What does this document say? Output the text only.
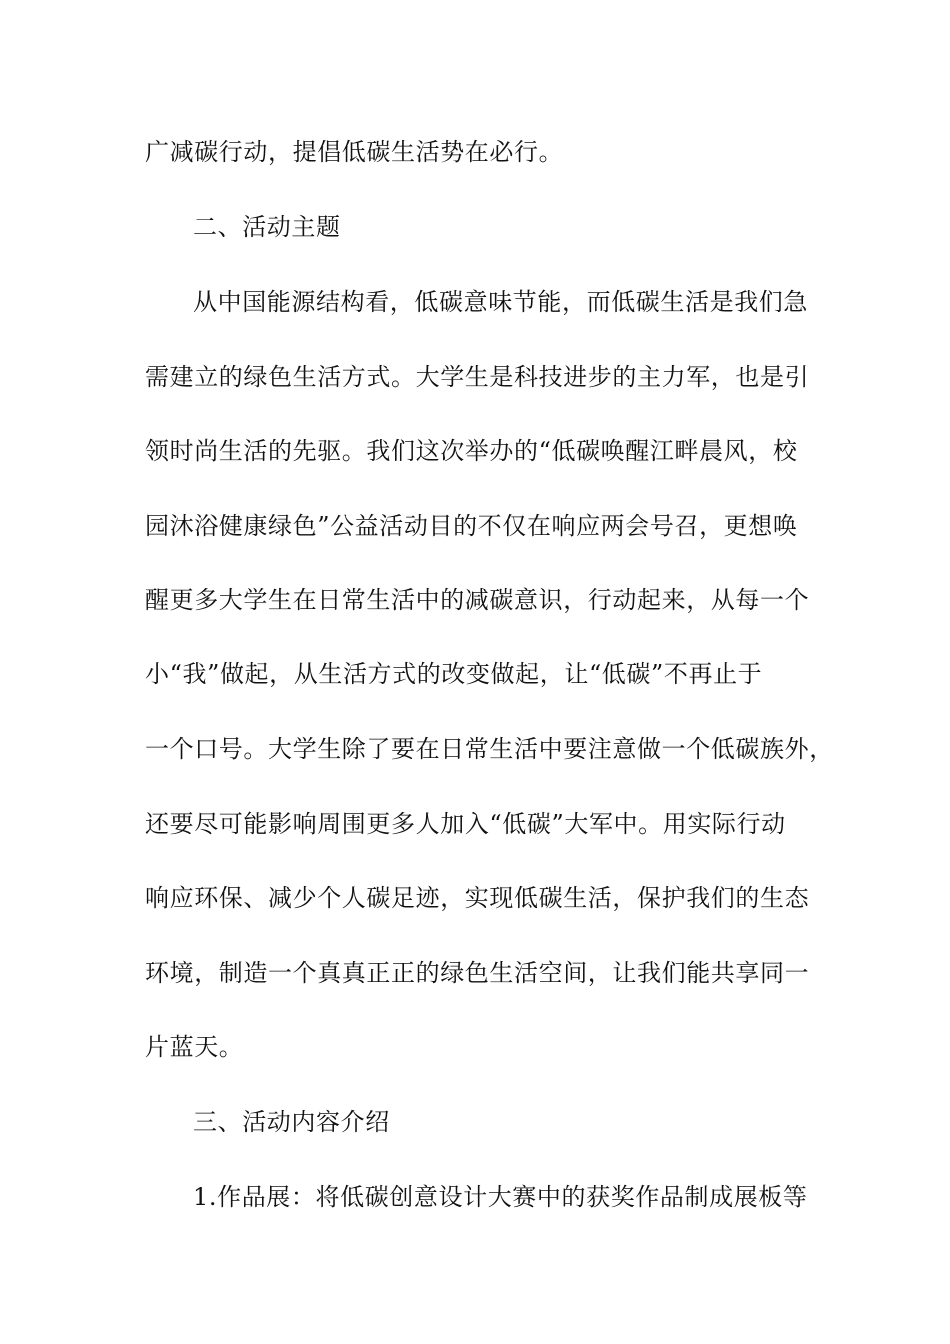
广减碳行动，提倡低碳生活势在必行。
二、活动主题
从中国能源结构看，低碳意味节能，而低碳生活是我们急
需建立的绿色生活方式。大学生是科技进步的主力军，也是引
领时尚生活的先驱。我们这次举办的“低碳唤醒江畔晨风，校
园沐浴健康绿色”公益活动目的不仅在响应两会号召，更想唤
醒更多大学生在日常生活中的减碳意识，行动起来，从每一个
小“我”做起，从生活方式的改变做起，让“低碳”不再止于
一个口号。大学生除了要在日常生活中要注意做一个低碳族外，
还要尽可能影响周围更多人加入“低碳”大军中。用实际行动
响应环保、减少个人碳足迹，实现低碳生活，保护我们的生态
环境，制造一个真真正正的绿色生活空间，让我们能共享同一
片蓝天。
三、活动内容介绍
1.作品展：将低碳创意设计大赛中的获奖作品制成展板等
